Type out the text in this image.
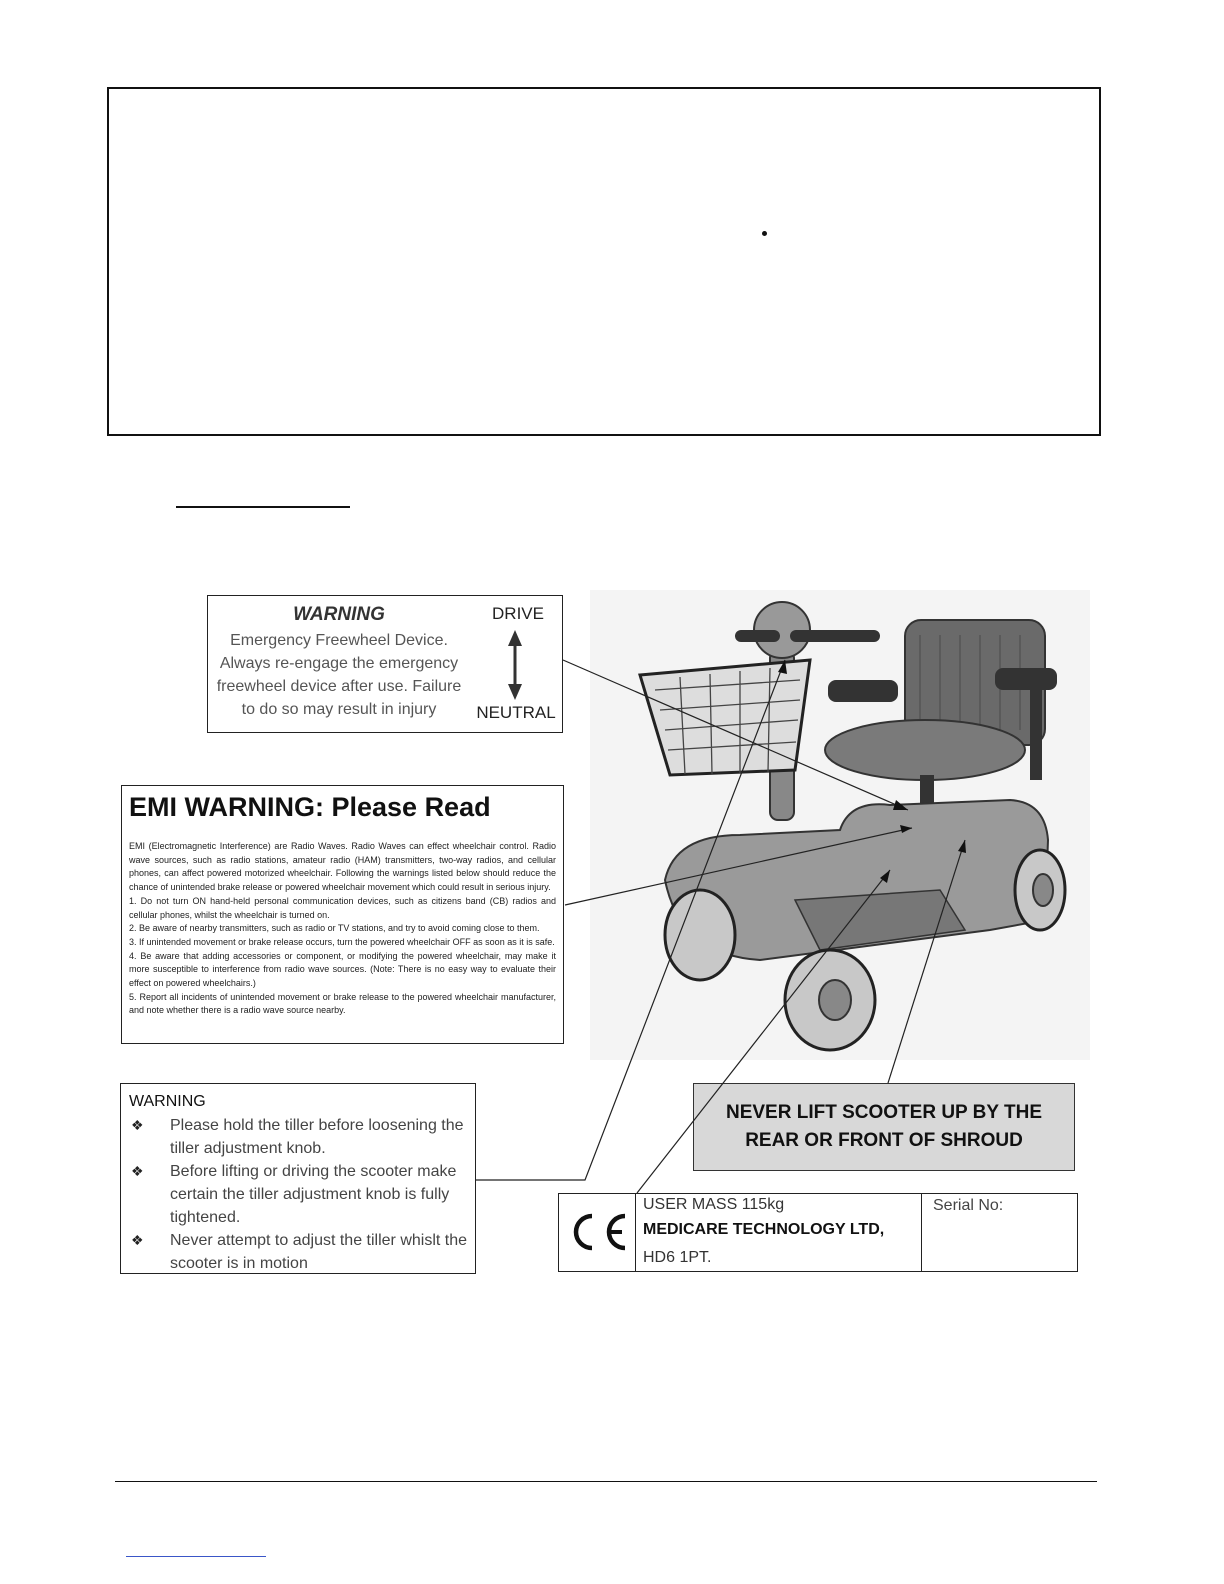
WARNING
Emergency Freewheel Device.
Always re-engage the emergency
freewheel device after use. Failure
to do so may result in injury
DRIVE
NEUTRAL
EMI WARNING: Please Read

EMI (Electromagnetic Interference) are Radio Waves. Radio Waves can effect wheelchair control. Radio wave sources, such as radio stations, amateur radio (HAM) transmitters, two-way radios, and cellular phones, can affect powered motorized wheelchair. Following the warnings listed below should reduce the chance of unintended brake release or powered wheelchair movement which could result in serious injury.

1. Do not turn ON hand-held personal communication devices, such as citizens band (CB) radios and cellular phones, whilst the wheelchair is turned on.

2. Be aware of nearby transmitters, such as radio or TV stations, and try to avoid coming close to them.

3. If unintended movement or brake release occurs, turn the powered wheelchair OFF as soon as it is safe.

4. Be aware that adding accessories or component, or modifying the powered wheelchair, may make it more susceptible to interference from radio wave sources. (Note: There is no easy way to evaluate their effect on powered wheelchairs.)

5. Report all incidents of unintended movement or brake release to the powered wheelchair manufacturer, and note whether there is a radio wave source nearby.

WARNING
❖ Please hold the tiller before loosening the tiller adjustment knob.
❖ Before lifting or driving the scooter make certain the tiller adjustment knob is fully tightened.
❖ Never attempt to adjust the tiller whislt the scooter is in motion
NEVER LIFT SCOOTER UP BY THE
REAR OR FRONT OF SHROUD
USER MASS 115kg
MEDICARE TECHNOLOGY LTD,
HD6 1PT.
Serial No:
